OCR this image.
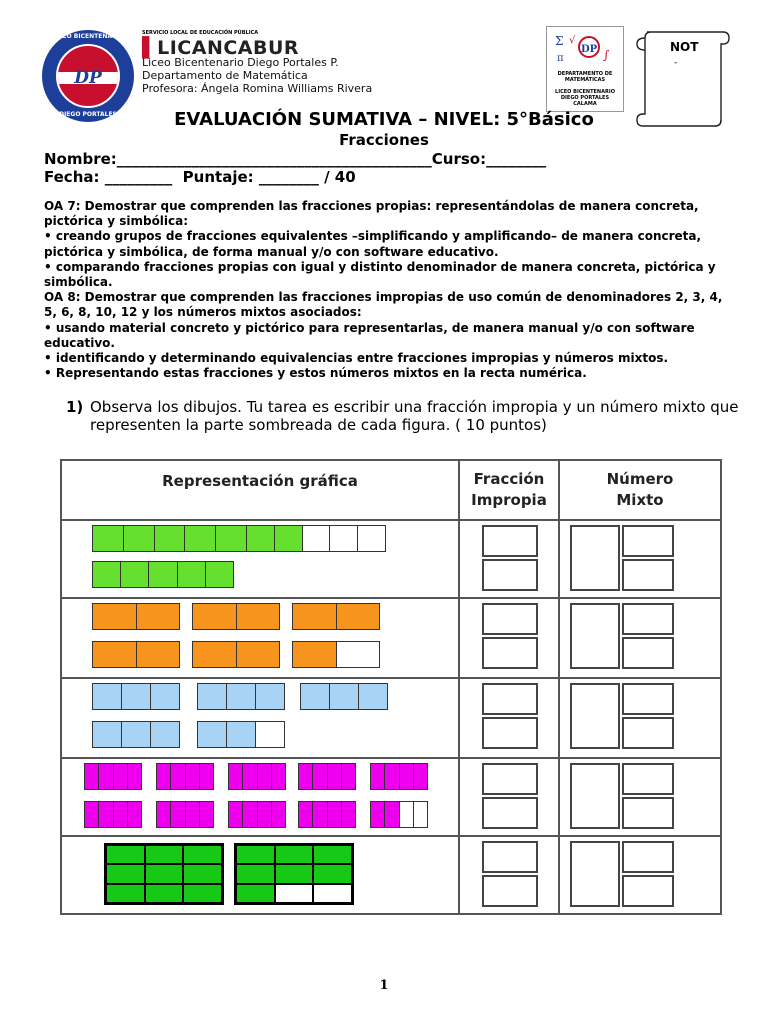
LICEO BICENTENARIO
DP
DIEGO PORTALES
SERVICIO LOCAL DE EDUCACIÓN PÚBLICA
▌LICANCABUR
Liceo Bicentenario Diego Portales P.
Departamento de Matemática
Profesora: Ángela Romina Williams Rivera
Σ √
DP ∫
π
DEPARTAMENTO DE MATEMÁTICAS

LICEO BICENTENARIO DIEGO PORTALES CALAMA
NOT
-
EVALUACIÓN SUMATIVA – NIVEL: 5°Básico
Fracciones
Nombre:__________________________________________Curso:________
Fecha: _________  Puntaje: ________ / 40
OA 7: Demostrar que comprenden las fracciones propias: representándolas de manera concreta, pictórica y simbólica:
• creando grupos de fracciones equivalentes –simplificando y amplificando– de manera concreta, pictórica y simbólica, de forma manual y/o con software educativo.
• comparando fracciones propias con igual y distinto denominador de manera concreta, pictórica y simbólica.
OA 8: Demostrar que comprenden las fracciones impropias de uso común de denominadores 2, 3, 4, 5, 6, 8, 10, 12 y los números mixtos asociados:
• usando material concreto y pictórico para representarlas, de manera manual y/o con software educativo.
• identificando y determinando equivalencias entre fracciones impropias y números mixtos.
• Representando estas fracciones y estos números mixtos en la recta numérica.
1) Observa los dibujos. Tu tarea es escribir una fracción impropia y un número mixto que representen la parte sombreada de cada figura. ( 10 puntos)
Representación gráfica	Fracción
Impropia
Número
Mixto
1
